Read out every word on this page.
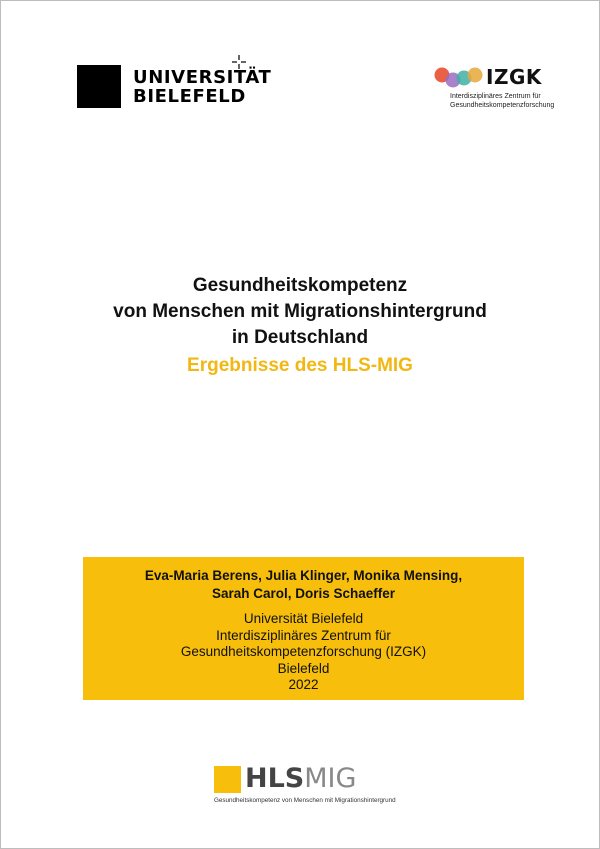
UNIVERSITÄT
BIELEFELD
IZGK
Interdisziplinäres Zentrum für
Gesundheitskompetenzforschung
Gesundheitskompetenz
von Menschen mit Migrationshintergrund
in Deutschland
Ergebnisse des HLS-MIG
Eva-Maria Berens, Julia Klinger, Monika Mensing,
Sarah Carol, Doris Schaeffer
Universität Bielefeld
Interdisziplinäres Zentrum für
Gesundheitskompetenzforschung (IZGK)
Bielefeld
2022
HLSMIG
Gesundheitskompetenz von Menschen mit Migrationshintergrund
